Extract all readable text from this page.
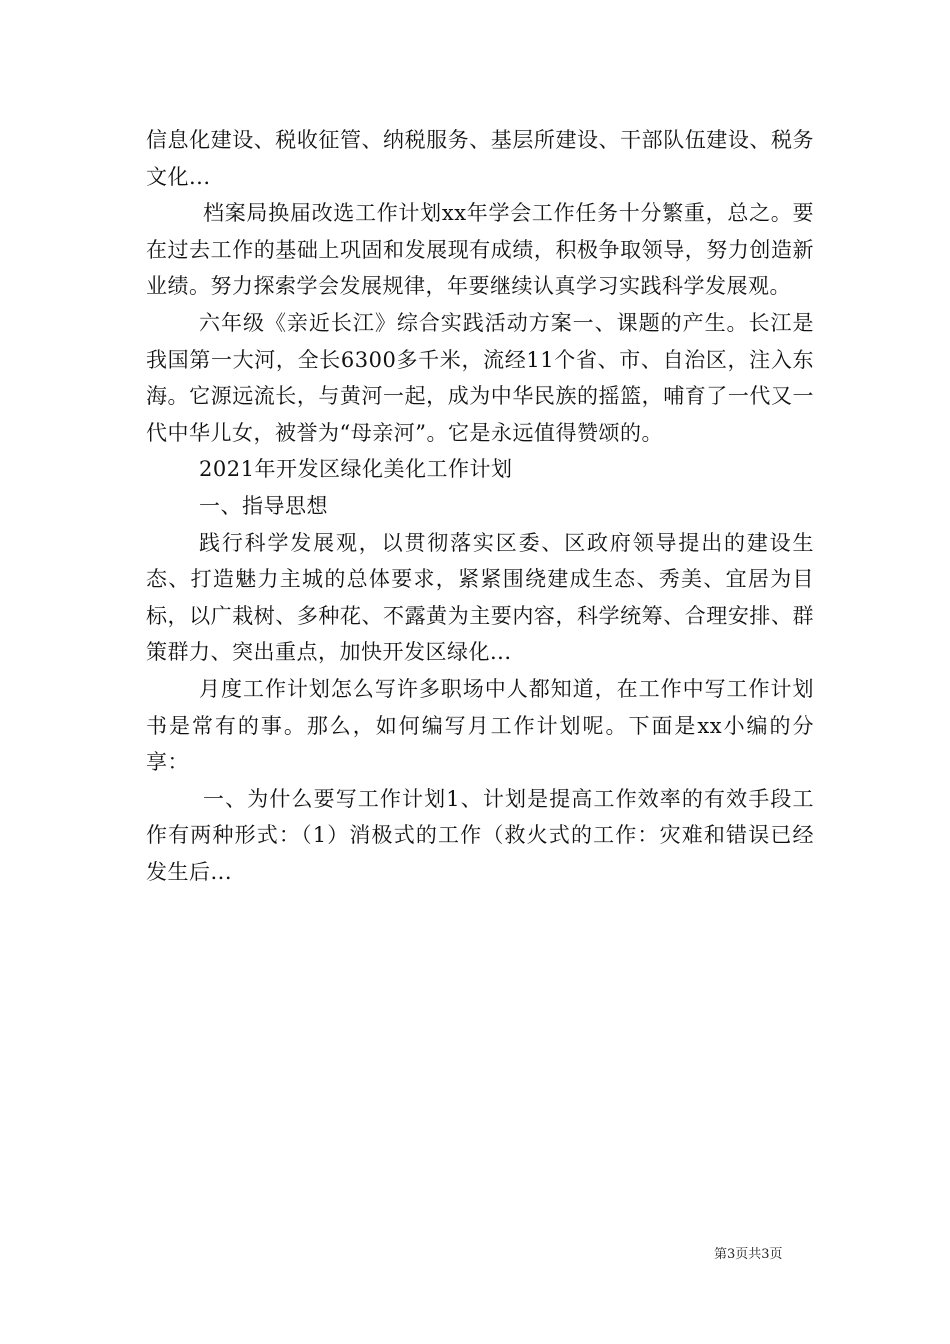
信息化建设、税收征管、纳税服务、基层所建设、干部队伍建设、税务文化...

档案局换届改选工作计划xx年学会工作任务十分繁重，总之。要在过去工作的基础上巩固和发展现有成绩，积极争取领导，努力创造新业绩。努力探索学会发展规律，年要继续认真学习实践科学发展观。

六年级《亲近长江》综合实践活动方案一、课题的产生。长江是我国第一大河，全长6300多千米，流经11个省、市、自治区，注入东海。它源远流长，与黄河一起，成为中华民族的摇篮，哺育了一代又一代中华儿女，被誉为“母亲河”。它是永远值得赞颂的。

2021年开发区绿化美化工作计划

一、指导思想

践行科学发展观，以贯彻落实区委、区政府领导提出的建设生态、打造魅力主城的总体要求，紧紧围绕建成生态、秀美、宜居为目标，以广栽树、多种花、不露黄为主要内容，科学统筹、合理安排、群策群力、突出重点，加快开发区绿化...

月度工作计划怎么写许多职场中人都知道，在工作中写工作计划书是常有的事。那么，如何编写月工作计划呢。下面是xx小编的分享：

一、为什么要写工作计划1、计划是提高工作效率的有效手段工作有两种形式：（1）消极式的工作（救火式的工作：灾难和错误已经发生后...

第3页共3页
